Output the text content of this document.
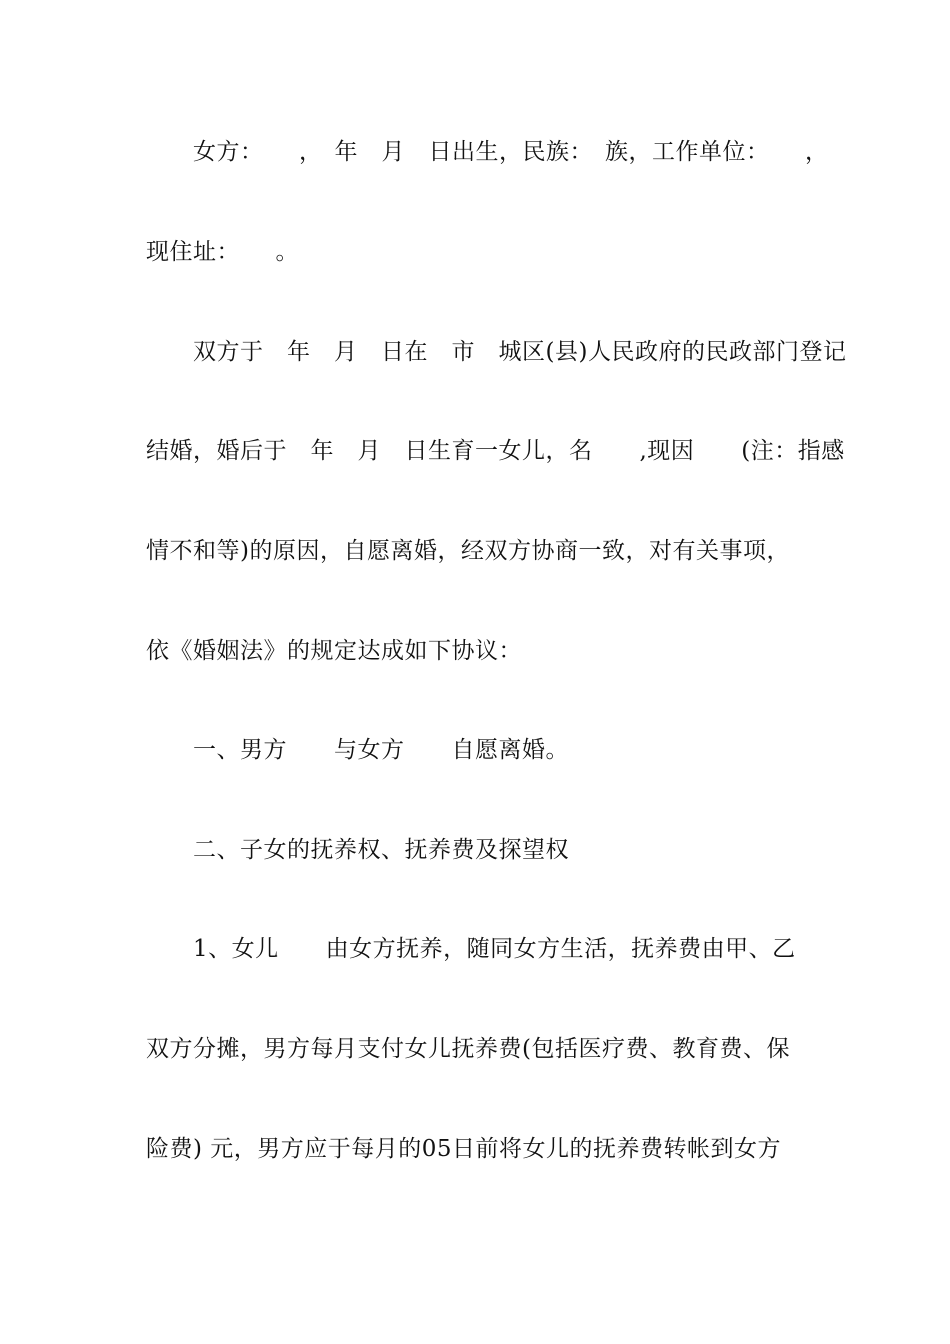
女方：　　，　年　月　日出生，民族：　族，工作单位：　　，
现住址：　　。
双方于　年　月　日在　市　城区(县)人民政府的民政部门登记
结婚，婚后于　年　月　日生育一女儿，名　　,现因　　(注：指感
情不和等)的原因，自愿离婚，经双方协商一致，对有关事项，
依《婚姻法》的规定达成如下协议：
一、男方　　与女方　　自愿离婚。
二、子女的抚养权、抚养费及探望权
1、女儿　　由女方抚养，随同女方生活，抚养费由甲、乙
双方分摊，男方每月支付女儿抚养费(包括医疗费、教育费、保
险费) 元，男方应于每月的05日前将女儿的抚养费转帐到女方
